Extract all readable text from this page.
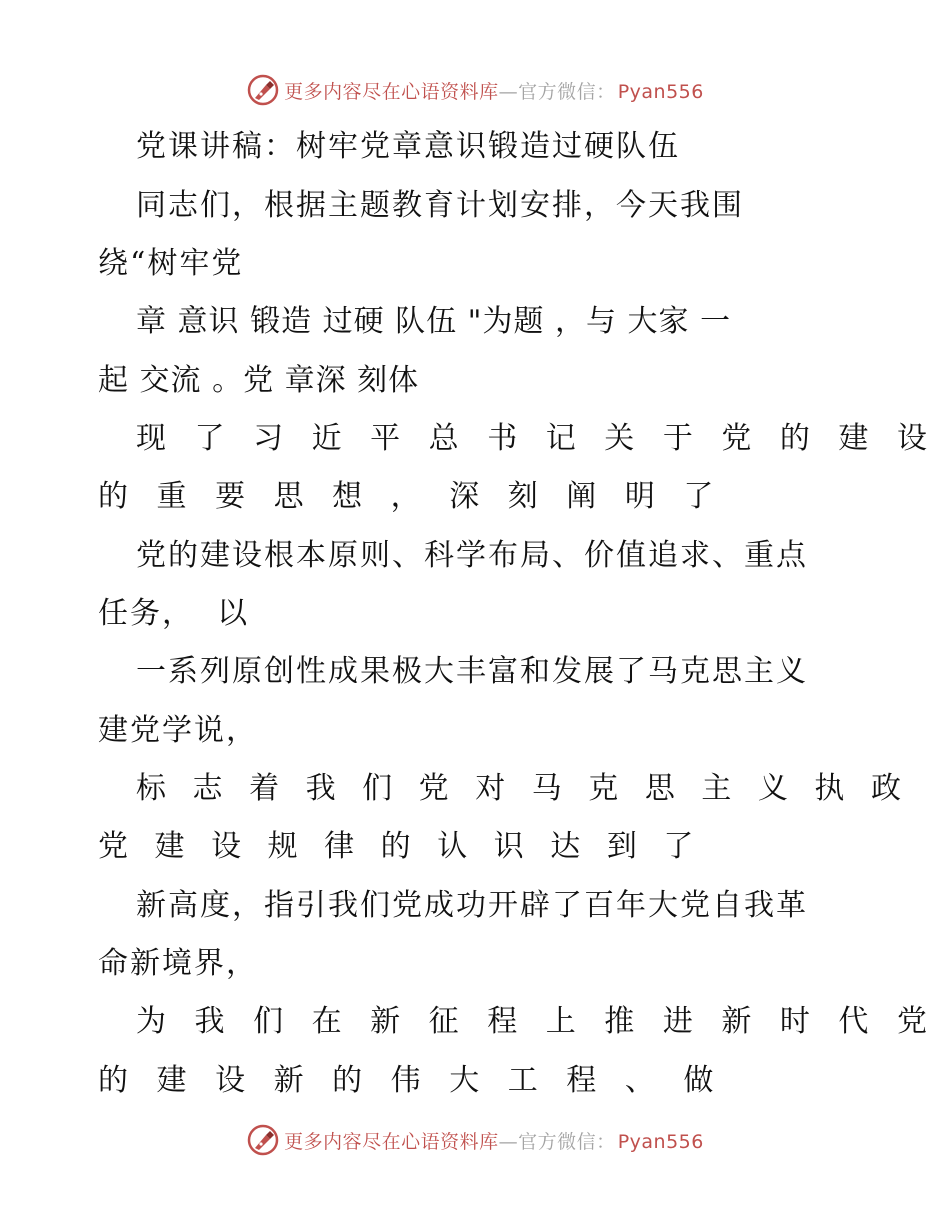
更多内容尽在心语资料库—官方微信： Pyan556
党课讲稿：树牢党章意识锻造过硬队伍
同志们，根据主题教育计划安排，今天我围
绕“树牢党
章 意识 锻造 过硬 队伍 "为题 ，与 大家 一
起 交流 。党 章深 刻体
现 了 习 近 平 总 书 记 关 于 党 的 建 设
的 重 要 思 想 ， 深 刻 阐 明 了
党的建设根本原则、科学布局、价值追求、重点
任务，  以
一系列原创性成果极大丰富和发展了马克思主义
建党学说，
标 志 着 我 们 党 对 马 克 思 主 义 执 政
党 建 设 规 律 的 认 识 达 到 了
新高度，指引我们党成功开辟了百年大党自我革
命新境界，
为 我 们 在 新 征 程 上 推 进 新 时 代 党
的 建 设 新 的 伟 大 工 程 、 做
更多内容尽在心语资料库—官方微信： Pyan556
